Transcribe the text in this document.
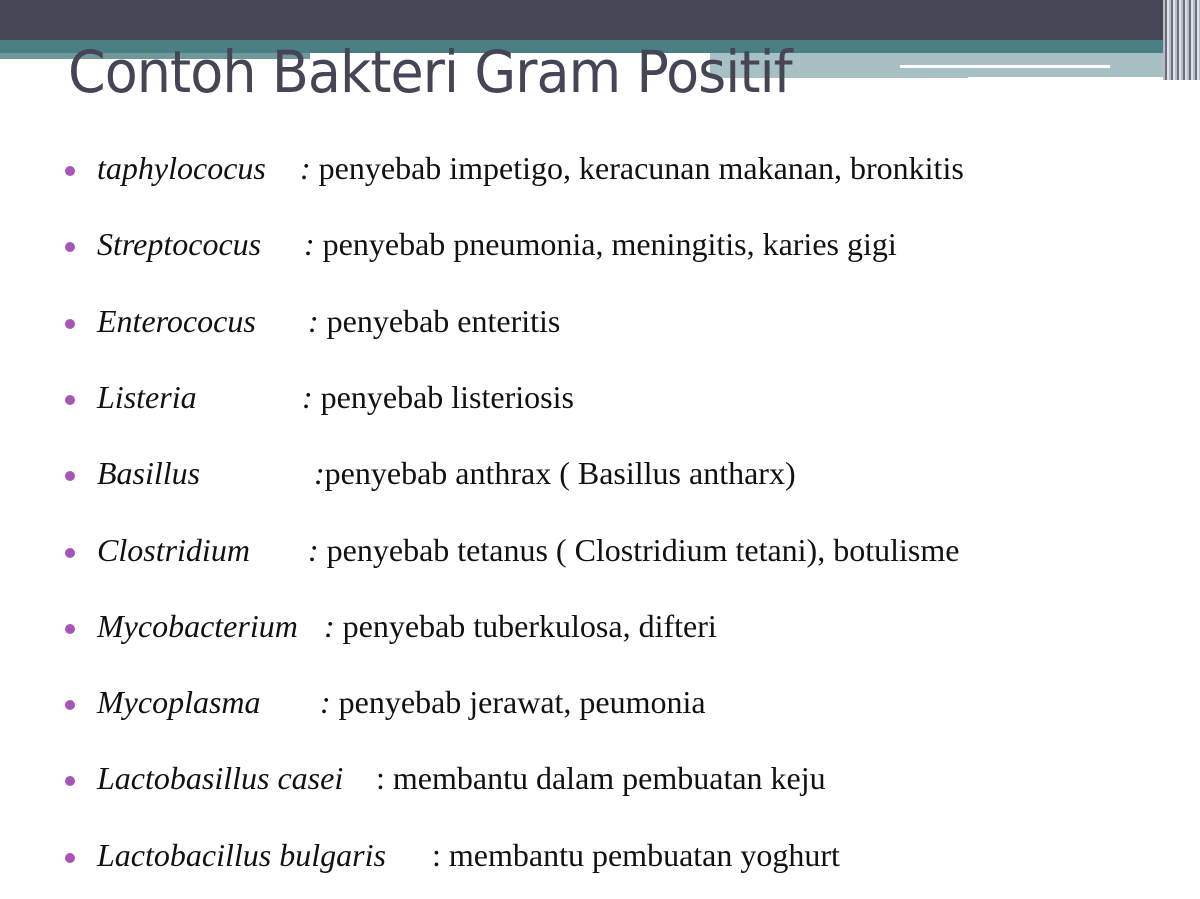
Contoh Bakteri Gram Positif
taphylococus : penyebab impetigo, keracunan makanan, bronkitis
Streptococus : penyebab pneumonia, meningitis, karies gigi
Enterococus : penyebab enteritis
Listeria	: penyebab listeriosis
Basillus	:penyebab anthrax ( Basillus antharx)
Clostridium : penyebab tetanus ( Clostridium tetani), botulisme
Mycobacterium : penyebab tuberkulosa, difteri
Mycoplasma : penyebab jerawat, peumonia
Lactobasillus casei : membantu dalam pembuatan keju
Lactobacillus bulgaris : membantu pembuatan yoghurt
